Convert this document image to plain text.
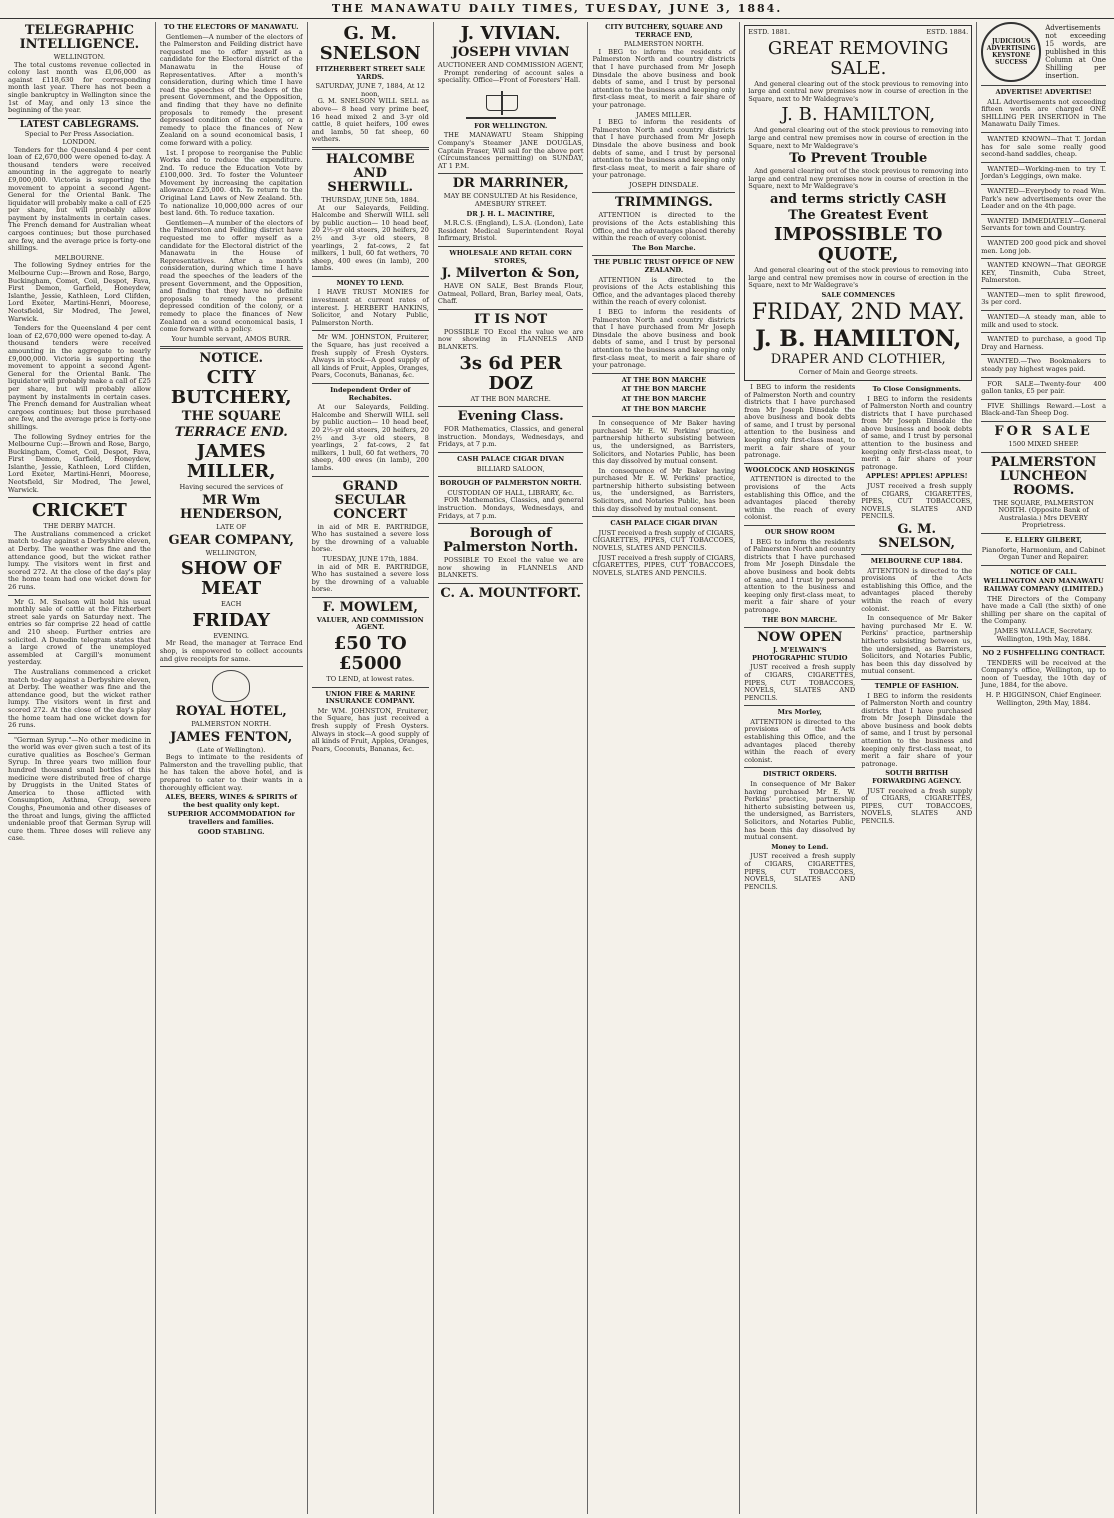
THE MANAWATU DAILY TIMES, TUESDAY, JUNE 3, 1884.
TELEGRAPHIC INTELLIGENCE.
WELLINGTON.

The total customs revenue collected in colony last month was £l,06,000 as against £118,630 for corresponding month last year. There has not been a single bankruptcy in Wellington since the 1st of May, and only 13 since the beginning of the year.

LATEST CABLEGRAMS.
Special to Per Press Association. LONDON.

Tenders for the Queensland 4 per cent loan of £2,670,000 were opened to-day. A thousand tenders were received amounting in the aggregate to nearly £9,000,000. Victoria is supporting the movement to appoint a second Agent-General for the Oriental Bank. The liquidator will probably make a call of £25 per share, but will probably allow payment by instalments in certain cases. The French demand for Australian wheat cargoes continues; but those purchased are few, and the average price is forty-one shillings.

MELBOURNE.

The following Sydney entries for the Melbourne Cup:—Brown and Rose, Bargo, Buckingham, Comet, Coil, Despot, Fava, First Demon, Garfield, Honeydew, Islanthe, Jessie, Kathleen, Lord Clifden, Lord Exeter, Martini-Henri, Moorese, Neotsfield, Sir Modred, The Jewel, Warwick.

Tenders for the Queensland 4 per cent loan of £2,670,000 were opened to-day. A thousand tenders were received amounting in the aggregate to nearly £9,000,000. Victoria is supporting the movement to appoint a second Agent-General for the Oriental Bank. The liquidator will probably make a call of £25 per share, but will probably allow payment by instalments in certain cases. The French demand for Australian wheat cargoes continues; but those purchased are few, and the average price is forty-one shillings.

The following Sydney entries for the Melbourne Cup:—Brown and Rose, Bargo, Buckingham, Comet, Coil, Despot, Fava, First Demon, Garfield, Honeydew, Islanthe, Jessie, Kathleen, Lord Clifden, Lord Exeter, Martini-Henri, Moorese, Neotsfield, Sir Modred, The Jewel, Warwick.

CRICKET
THE DERBY MATCH.

The Australians commenced a cricket match to-day against a Derbyshire eleven, at Derby. The weather was fine and the attendance good, but the wicket rather lumpy. The visitors went in first and scored 272. At the close of the day's play the home team had one wicket down for 26 runs.

Mr G. M. Snelson will hold his usual monthly sale of cattle at the Fitzherbert street sale yards on Saturday next. The entries so far comprise 22 head of cattle and 210 sheep. Further entries are solicited. A Dunedin telegram states that a large crowd of the unemployed assembled at Cargill's monument yesterday.

The Australians commenced a cricket match to-day against a Derbyshire eleven, at Derby. The weather was fine and the attendance good, but the wicket rather lumpy. The visitors went in first and scored 272. At the close of the day's play the home team had one wicket down for 26 runs.

"German Syrup."—No other medicine in the world was ever given such a test of its curative qualities as Boschee's German Syrup. In three years two million four hundred thousand small bottles of this medicine were distributed free of charge by Druggists in the United States of America to those afflicted with Consumption, Asthma, Croup, severe Coughs, Pneumonia and other diseases of the throat and lungs, giving the afflicted undeniable proof that German Syrup will cure them. Three doses will relieve any case.

TO THE ELECTORS OF MANAWATU.

Gentlemen—A number of the electors of the Palmerston and Feilding district have requested me to offer myself as a candidate for the Electoral district of the Manawatu in the House of Representatives. After a month's consideration, during which time I have read the speeches of the leaders of the present Government, and the Opposition, and finding that they have no definite proposals to remedy the present depressed condition of the colony, or a remedy to place the finances of New Zealand on a sound economical basis, I come forward with a policy.

1st. I propose to reorganise the Public Works and to reduce the expenditure. 2nd. To reduce the Education Vote by £100,000. 3rd. To foster the Volunteer Movement by increasing the capitation allowance £25,000. 4th. To return to the Original Land Laws of New Zealand. 5th. To nationalize 10,000,000 acres of our best land. 6th. To reduce taxation.

Gentlemen—A number of the electors of the Palmerston and Feilding district have requested me to offer myself as a candidate for the Electoral district of the Manawatu in the House of Representatives. After a month's consideration, during which time I have read the speeches of the leaders of the present Government, and the Opposition, and finding that they have no definite proposals to remedy the present depressed condition of the colony, or a remedy to place the finances of New Zealand on a sound economical basis, I come forward with a policy.

Your humble servant, AMOS BURR.
NOTICE.
CITY BUTCHERY,
THE SQUARE
TERRACE END.
JAMES MILLER,
Having secured the services of
MR Wm HENDERSON,
LATE OF
GEAR COMPANY,
WELLINGTON,
SHOW OF MEAT
EACH
FRIDAY
EVENING.

Mr Read, the manager at Terrace End shop, is empowered to collect accounts and give receipts for same.

ROYAL HOTEL,
PALMERSTON NORTH.
JAMES FENTON,
(Late of Wellington).

Begs to intimate to the residents of Palmerston and the travelling public, that he has taken the above hotel, and is prepared to cater to their wants in a thoroughly efficient way.

ALES, BEERS, WINES & SPIRITS of the best quality only kept.
SUPERIOR ACCOMMODATION for travellers and families.
GOOD STABLING.
G. M. SNELSON
FITZHERBERT STREET SALE YARDS.
SATURDAY, JUNE 7, 1884, At 12 noon,

G. M. SNELSON WILL SELL as above— 8 head very prime beef, 16 head mixed 2 and 3-yr old cattle, 8 quiet heifers, 100 ewes and lambs, 50 fat sheep, 60 wethers.

HALCOMBE AND SHERWILL.
THURSDAY, JUNE 5th, 1884.

At our Saleyards, Feilding. Halcombe and Sherwill WILL sell by public auction— 10 head beef, 20 2½-yr old steers, 20 heifers, 20 2½ and 3-yr old steers, 8 yearlings, 2 fat-cows, 2 fat milkers, 1 bull, 60 fat wethers, 70 sheep, 400 ewes (in lamb), 200 lambs.

MONEY TO LEND.

I HAVE TRUST MONIES for investment at current rates of interest. J. HERBERT HANKINS, Solicitor, and Notary Public, Palmerston North.

Mr WM. JOHNSTON, Fruiterer, the Square, has just received a fresh supply of Fresh Oysters. Always in stock—A good supply of all kinds of Fruit, Apples, Oranges, Pears, Coconuts, Bananas, &c.

Independent Order of Rechabites.

At our Saleyards, Feilding. Halcombe and Sherwill WILL sell by public auction— 10 head beef, 20 2½-yr old steers, 20 heifers, 20 2½ and 3-yr old steers, 8 yearlings, 2 fat-cows, 2 fat milkers, 1 bull, 60 fat wethers, 70 sheep, 400 ewes (in lamb), 200 lambs.

GRAND SECULAR CONCERT

in aid of MR E. PARTRIDGE, Who has sustained a severe loss by the drowning of a valuable horse.

TUESDAY, JUNE 17th, 1884.

in aid of MR E. PARTRIDGE, Who has sustained a severe loss by the drowning of a valuable horse.

F. MOWLEM,
VALUER, AND COMMISSION AGENT.
£50 TO £5000
TO LEND, at lowest rates.
UNION FIRE & MARINE INSURANCE COMPANY.

Mr WM. JOHNSTON, Fruiterer, the Square, has just received a fresh supply of Fresh Oysters. Always in stock—A good supply of all kinds of Fruit, Apples, Oranges, Pears, Coconuts, Bananas, &c.

J. VIVIAN.
JOSEPH VIVIAN
AUCTIONEER AND COMMISSION AGENT,

Prompt rendering of account sales a speciality. Office—Front of Foresters' Hall.

FOR WELLINGTON.

THE MANAWATU Steam Shipping Company's Steamer JANE DOUGLAS, Captain Fraser, Will sail for the above port (Circumstances permitting) on SUNDAY, AT 1 P.M.

DR MARRINER,
MAY BE CONSULTED At his Residence, AMESBURY STREET.
DR J. H. L. MACINTIRE,

M.R.C.S. (England), L.S.A. (London), Late Resident Medical Superintendent Royal Infirmary, Bristol.

WHOLESALE AND RETAIL CORN STORES,
J. Milverton & Son,

HAVE ON SALE, Best Brands Flour, Oatmeal, Pollard, Bran, Barley meal, Oats, Chaff.

IT IS NOT

POSSIBLE TO Excel the value we are now showing in FLANNELS AND BLANKETS.

3s 6d PER DOZ
AT THE BON MARCHE.
Evening Class.

FOR Mathematics, Classics, and general instruction. Mondays, Wednesdays, and Fridays, at 7 p.m.

CASH PALACE CIGAR DIVAN
BILLIARD SALOON,
BOROUGH OF PALMERSTON NORTH.
CUSTODIAN OF HALL, LIBRARY, &c.

FOR Mathematics, Classics, and general instruction. Mondays, Wednesdays, and Fridays, at 7 p.m.

Borough of Palmerston North.

POSSIBLE TO Excel the value we are now showing in FLANNELS AND BLANKETS.

C. A. MOUNTFORT.
CITY BUTCHERY, SQUARE AND TERRACE END,
PALMERSTON NORTH.

I BEG to inform the residents of Palmerston North and country districts that I have purchased from Mr Joseph Dinsdale the above business and book debts of same, and I trust by personal attention to the business and keeping only first-class meat, to merit a fair share of your patronage.

JAMES MILLER.

I BEG to inform the residents of Palmerston North and country districts that I have purchased from Mr Joseph Dinsdale the above business and book debts of same, and I trust by personal attention to the business and keeping only first-class meat, to merit a fair share of your patronage.

JOSEPH DINSDALE.
TRIMMINGS.

ATTENTION is directed to the provisions of the Acts establishing this Office, and the advantages placed thereby within the reach of every colonist.

The Bon Marche.
THE PUBLIC TRUST OFFICE OF NEW ZEALAND.

ATTENTION is directed to the provisions of the Acts establishing this Office, and the advantages placed thereby within the reach of every colonist.

I BEG to inform the residents of Palmerston North and country districts that I have purchased from Mr Joseph Dinsdale the above business and book debts of same, and I trust by personal attention to the business and keeping only first-class meat, to merit a fair share of your patronage.

AT THE BON MARCHE
AT THE BON MARCHE
AT THE BON MARCHE
AT THE BON MARCHE

In consequence of Mr Baker having purchased Mr E. W. Perkins' practice, partnership hitherto subsisting between us, the undersigned, as Barristers, Solicitors, and Notaries Public, has been this day dissolved by mutual consent.

In consequence of Mr Baker having purchased Mr E. W. Perkins' practice, partnership hitherto subsisting between us, the undersigned, as Barristers, Solicitors, and Notaries Public, has been this day dissolved by mutual consent.

CASH PALACE CIGAR DIVAN

JUST received a fresh supply of CIGARS, CIGARETTES, PIPES, CUT TOBACCOES, NOVELS, SLATES AND PENCILS.

JUST received a fresh supply of CIGARS, CIGARETTES, PIPES, CUT TOBACCOES, NOVELS, SLATES AND PENCILS.

ESTD. 1881.	ESTD. 1884.
GREAT REMOVING SALE.

And general clearing out of the stock previous to removing into large and central new premises now in course of erection in the Square, next to Mr Waldegrave's

J. B. HAMILTON,

And general clearing out of the stock previous to removing into large and central new premises now in course of erection in the Square, next to Mr Waldegrave's

To Prevent Trouble

And general clearing out of the stock previous to removing into large and central new premises now in course of erection in the Square, next to Mr Waldegrave's

and terms strictly CASH
The Greatest Event
IMPOSSIBLE TO QUOTE,

And general clearing out of the stock previous to removing into large and central new premises now in course of erection in the Square, next to Mr Waldegrave's

SALE COMMENCES
FRIDAY, 2ND MAY.
J. B. HAMILTON,
DRAPER AND CLOTHIER,
Corner of Main and George streets.

I BEG to inform the residents of Palmerston North and country districts that I have purchased from Mr Joseph Dinsdale the above business and book debts of same, and I trust by personal attention to the business and keeping only first-class meat, to merit a fair share of your patronage.

WOOLCOCK AND HOSKINGS

ATTENTION is directed to the provisions of the Acts establishing this Office, and the advantages placed thereby within the reach of every colonist.

OUR SHOW ROOM

I BEG to inform the residents of Palmerston North and country districts that I have purchased from Mr Joseph Dinsdale the above business and book debts of same, and I trust by personal attention to the business and keeping only first-class meat, to merit a fair share of your patronage.

THE BON MARCHE.
NOW OPEN
J. M'ELWAIN'S PHOTOGRAPHIC STUDIO

JUST received a fresh supply of CIGARS, CIGARETTES, PIPES, CUT TOBACCOES, NOVELS, SLATES AND PENCILS.

Mrs Morley,

ATTENTION is directed to the provisions of the Acts establishing this Office, and the advantages placed thereby within the reach of every colonist.

DISTRICT ORDERS.

In consequence of Mr Baker having purchased Mr E. W. Perkins' practice, partnership hitherto subsisting between us, the undersigned, as Barristers, Solicitors, and Notaries Public, has been this day dissolved by mutual consent.

Money to Lend.

JUST received a fresh supply of CIGARS, CIGARETTES, PIPES, CUT TOBACCOES, NOVELS, SLATES AND PENCILS.

To Close Consignments.

I BEG to inform the residents of Palmerston North and country districts that I have purchased from Mr Joseph Dinsdale the above business and book debts of same, and I trust by personal attention to the business and keeping only first-class meat, to merit a fair share of your patronage.

APPLES! APPLES! APPLES!

JUST received a fresh supply of CIGARS, CIGARETTES, PIPES, CUT TOBACCOES, NOVELS, SLATES AND PENCILS.

G. M. SNELSON,
MELBOURNE CUP 1884.

ATTENTION is directed to the provisions of the Acts establishing this Office, and the advantages placed thereby within the reach of every colonist.

In consequence of Mr Baker having purchased Mr E. W. Perkins' practice, partnership hitherto subsisting between us, the undersigned, as Barristers, Solicitors, and Notaries Public, has been this day dissolved by mutual consent.

TEMPLE OF FASHION.

I BEG to inform the residents of Palmerston North and country districts that I have purchased from Mr Joseph Dinsdale the above business and book debts of same, and I trust by personal attention to the business and keeping only first-class meat, to merit a fair share of your patronage.

SOUTH BRITISH FORWARDING AGENCY.

JUST received a fresh supply of CIGARS, CIGARETTES, PIPES, CUT TOBACCOES, NOVELS, SLATES AND PENCILS.

JUDICIOUS ADVERTISING KEYSTONE SUCCESS
Advertisements not exceeding 15 words, are published in this Column at One Shilling per insertion.
ADVERTISE! ADVERTISE!

ALL Advertisements not exceeding fifteen words are charged ONE SHILLING PER INSERTION in The Manawatu Daily Times.

WANTED KNOWN—That T. Jordan has for sale some really good second-hand saddles, cheap.

WANTED—Working-men to try T. Jordan's Leggings, own make.

WANTED—Everybody to read Wm. Park's new advertisements over the Leader and on the 4th page.

WANTED IMMEDIATELY—General Servants for town and Country.

WANTED 200 good pick and shovel men. Long job.

WANTED KNOWN—That GEORGE KEY, Tinsmith, Cuba Street, Palmerston.

WANTED—men to split firewood, 3s per cord.

WANTED—A steady man, able to milk and used to stock.

WANTED to purchase, a good Tip Dray and Harness.

WANTED.—Two Bookmakers to steady pay highest wages paid.

FOR SALE—Twenty-four 400 gallon tanks, £5 per pair.

FIVE Shillings Reward.—Lost a Black-and-Tan Sheep Dog.

FOR SALE
1500 MIXED SHEEP.
PALMERSTON LUNCHEON ROOMS.
THE SQUARE, PALMERSTON NORTH. (Opposite Bank of Australasia.) Mrs DEVERY Proprietress.
E. ELLERY GILBERT,
Pianoforte, Harmonium, and Cabinet Organ Tuner and Repairer.
NOTICE OF CALL.
WELLINGTON AND MANAWATU RAILWAY COMPANY (LIMITED.)

THE Directors of the Company have made a Call (the sixth) of one shilling per share on the capital of the Company.

JAMES WALLACE, Secretary. Wellington, 19th May, 1884.
NO 2 FUSHFELLING CONTRACT.

TENDERS will be received at the Company's office, Wellington, up to noon of Tuesday, the 10th day of June, 1884, for the above.

H. P. HIGGINSON, Chief Engineer. Wellington, 29th May, 1884.
